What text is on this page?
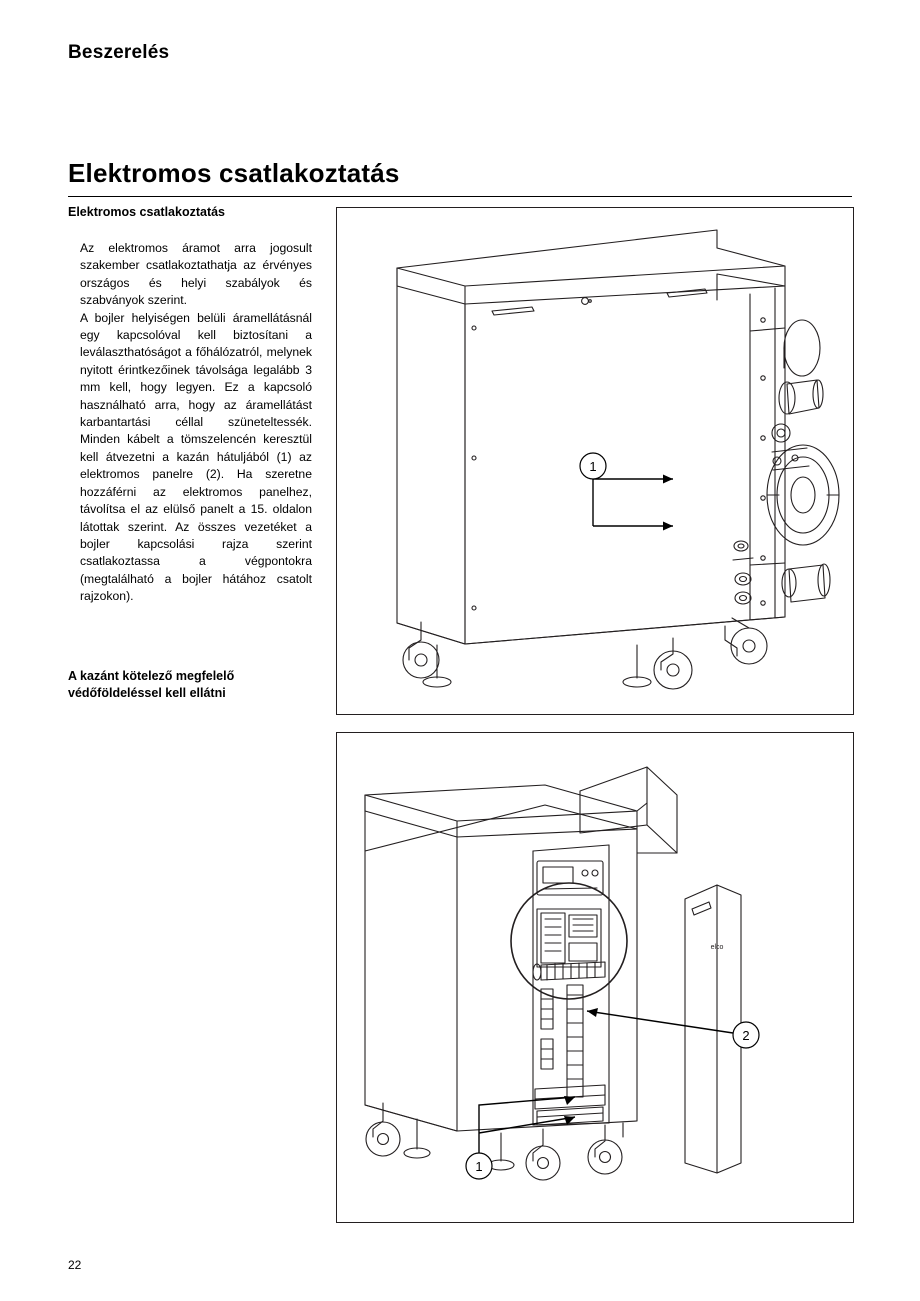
Beszerelés
Elektromos csatlakoztatás
Elektromos csatlakoztatás

Az elektromos áramot arra jogosult szakember csatlakoztathatja az érvényes országos és helyi szabályok és szabványok szerint.

A bojler helyiségen belüli áramellátásnál egy kapcsolóval kell biztosítani a leválaszthatóságot a főhálózatról, melynek nyitott érintkezőinek távolsága legalább 3 mm kell, hogy legyen. Ez a kapcsoló használható arra, hogy az áramellátást karbantartási céllal szüneteltessék. Minden kábelt a tömszelencén keresztül kell átvezetni a kazán hátuljából (1) az elektromos panelre (2). Ha szeretne hozzáférni az elektromos panelhez, távolítsa el az elülső panelt a 15. oldalon látottak szerint. Az összes vezetéket a bojler kapcsolási rajza szerint csatlakoztassa a végpontokra (megtalálható a bojler hátához csatolt rajzokon).

A kazánt kötelező megfelelő
védőföldeléssel kell ellátni
1
elco
2
1
22
